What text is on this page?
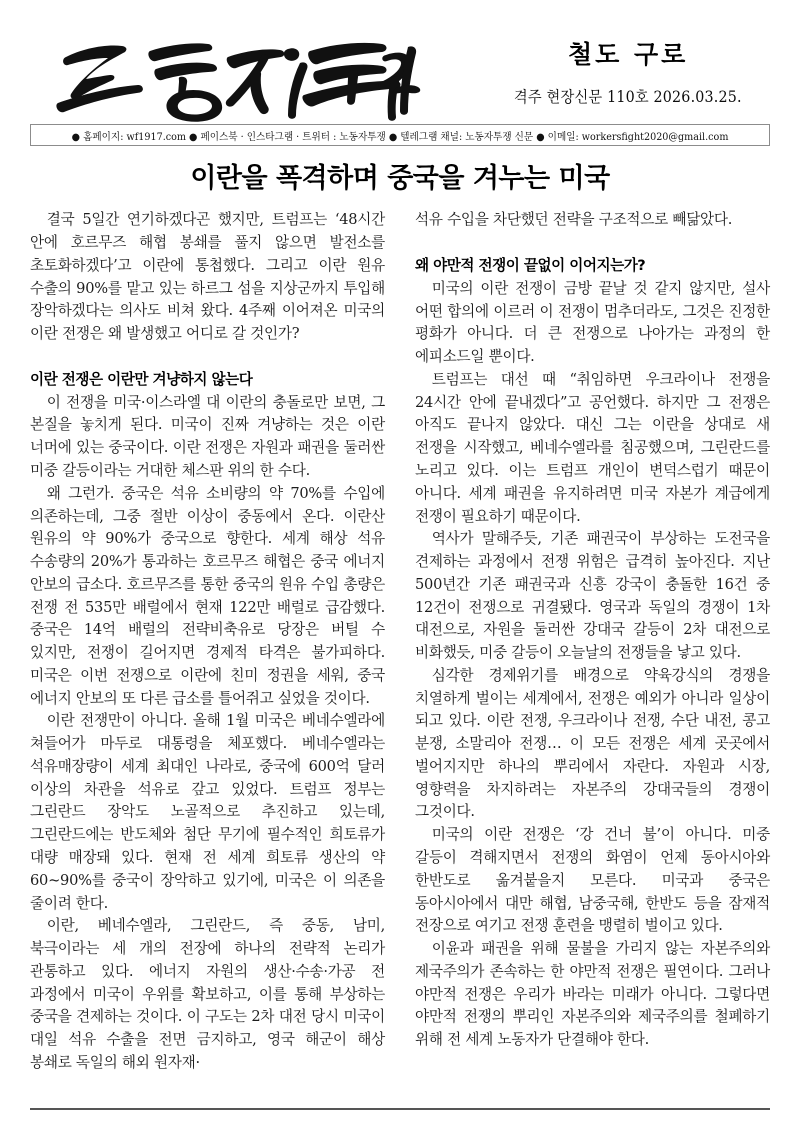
철도 구로
격주 현장신문 110호 2026.03.25.
● 홈페이지: wf1917.com ● 페이스북 · 인스타그램 · 트위터 : 노동자투쟁 ● 텔레그램 채널: 노동자투쟁 신문 ● 이메일: workersfight2020@gmail.com
이란을 폭격하며 중국을 겨누는 미국

결국 5일간 연기하겠다곤 했지만, 트럼프는 ‘48시간 안에 호르무즈 해협 봉쇄를 풀지 않으면 발전소를 초토화하겠다’고 이란에 통첩했다. 그리고 이란 원유 수출의 90%를 맡고 있는 하르그 섬을 지상군까지 투입해 장악하겠다는 의사도 비쳐 왔다. 4주째 이어져온 미국의 이란 전쟁은 왜 발생했고 어디로 갈 것인가?

이란 전쟁은 이란만 겨냥하지 않는다

이 전쟁을 미국·이스라엘 대 이란의 충돌로만 보면, 그 본질을 놓치게 된다. 미국이 진짜 겨냥하는 것은 이란 너머에 있는 중국이다. 이란 전쟁은 자원과 패권을 둘러싼 미중 갈등이라는 거대한 체스판 위의 한 수다.

왜 그런가. 중국은 석유 소비량의 약 70%를 수입에 의존하는데, 그중 절반 이상이 중동에서 온다. 이란산 원유의 약 90%가 중국으로 향한다. 세계 해상 석유 수송량의 20%가 통과하는 호르무즈 해협은 중국 에너지 안보의 급소다. 호르무즈를 통한 중국의 원유 수입 총량은 전쟁 전 535만 배럴에서 현재 122만 배럴로 급감했다. 중국은 14억 배럴의 전략비축유로 당장은 버틸 수 있지만, 전쟁이 길어지면 경제적 타격은 불가피하다. 미국은 이번 전쟁으로 이란에 친미 정권을 세워, 중국 에너지 안보의 또 다른 급소를 틀어쥐고 싶었을 것이다.

이란 전쟁만이 아니다. 올해 1월 미국은 베네수엘라에 쳐들어가 마두로 대통령을 체포했다. 베네수엘라는 석유매장량이 세계 최대인 나라로, 중국에 600억 달러 이상의 차관을 석유로 갚고 있었다. 트럼프 정부는 그린란드 장악도 노골적으로 추진하고 있는데, 그린란드에는 반도체와 첨단 무기에 필수적인 희토류가 대량 매장돼 있다. 현재 전 세계 희토류 생산의 약 60~90%를 중국이 장악하고 있기에, 미국은 이 의존을 줄이려 한다.

이란, 베네수엘라, 그린란드, 즉 중동, 남미, 북극이라는 세 개의 전장에 하나의 전략적 논리가 관통하고 있다. 에너지 자원의 생산·수송·가공 전 과정에서 미국이 우위를 확보하고, 이를 통해 부상하는 중국을 견제하는 것이다. 이 구도는 2차 대전 당시 미국이 대일 석유 수출을 전면 금지하고, 영국 해군이 해상 봉쇄로 독일의 해외 원자재·

석유 수입을 차단했던 전략을 구조적으로 빼닮았다.

왜 야만적 전쟁이 끝없이 이어지는가?

미국의 이란 전쟁이 금방 끝날 것 같지 않지만, 설사 어떤 합의에 이르러 이 전쟁이 멈추더라도, 그것은 진정한 평화가 아니다. 더 큰 전쟁으로 나아가는 과정의 한 에피소드일 뿐이다.

트럼프는 대선 때 “취임하면 우크라이나 전쟁을 24시간 안에 끝내겠다”고 공언했다. 하지만 그 전쟁은 아직도 끝나지 않았다. 대신 그는 이란을 상대로 새 전쟁을 시작했고, 베네수엘라를 침공했으며, 그린란드를 노리고 있다. 이는 트럼프 개인이 변덕스럽기 때문이 아니다. 세계 패권을 유지하려면 미국 자본가 계급에게 전쟁이 필요하기 때문이다.

역사가 말해주듯, 기존 패권국이 부상하는 도전국을 견제하는 과정에서 전쟁 위험은 급격히 높아진다. 지난 500년간 기존 패권국과 신흥 강국이 충돌한 16건 중 12건이 전쟁으로 귀결됐다. 영국과 독일의 경쟁이 1차 대전으로, 자원을 둘러싼 강대국 갈등이 2차 대전으로 비화했듯, 미중 갈등이 오늘날의 전쟁들을 낳고 있다.

심각한 경제위기를 배경으로 약육강식의 경쟁을 치열하게 벌이는 세계에서, 전쟁은 예외가 아니라 일상이 되고 있다. 이란 전쟁, 우크라이나 전쟁, 수단 내전, 콩고 분쟁, 소말리아 전쟁… 이 모든 전쟁은 세계 곳곳에서 벌어지지만 하나의 뿌리에서 자란다. 자원과 시장, 영향력을 차지하려는 자본주의 강대국들의 경쟁이 그것이다.

미국의 이란 전쟁은 ‘강 건너 불’이 아니다. 미중 갈등이 격해지면서 전쟁의 화염이 언제 동아시아와 한반도로 옮겨붙을지 모른다. 미국과 중국은 동아시아에서 대만 해협, 남중국해, 한반도 등을 잠재적 전장으로 여기고 전쟁 훈련을 맹렬히 벌이고 있다.

이윤과 패권을 위해 물불을 가리지 않는 자본주의와 제국주의가 존속하는 한 야만적 전쟁은 필연이다. 그러나 야만적 전쟁은 우리가 바라는 미래가 아니다. 그렇다면 야만적 전쟁의 뿌리인 자본주의와 제국주의를 철폐하기 위해 전 세계 노동자가 단결해야 한다.
